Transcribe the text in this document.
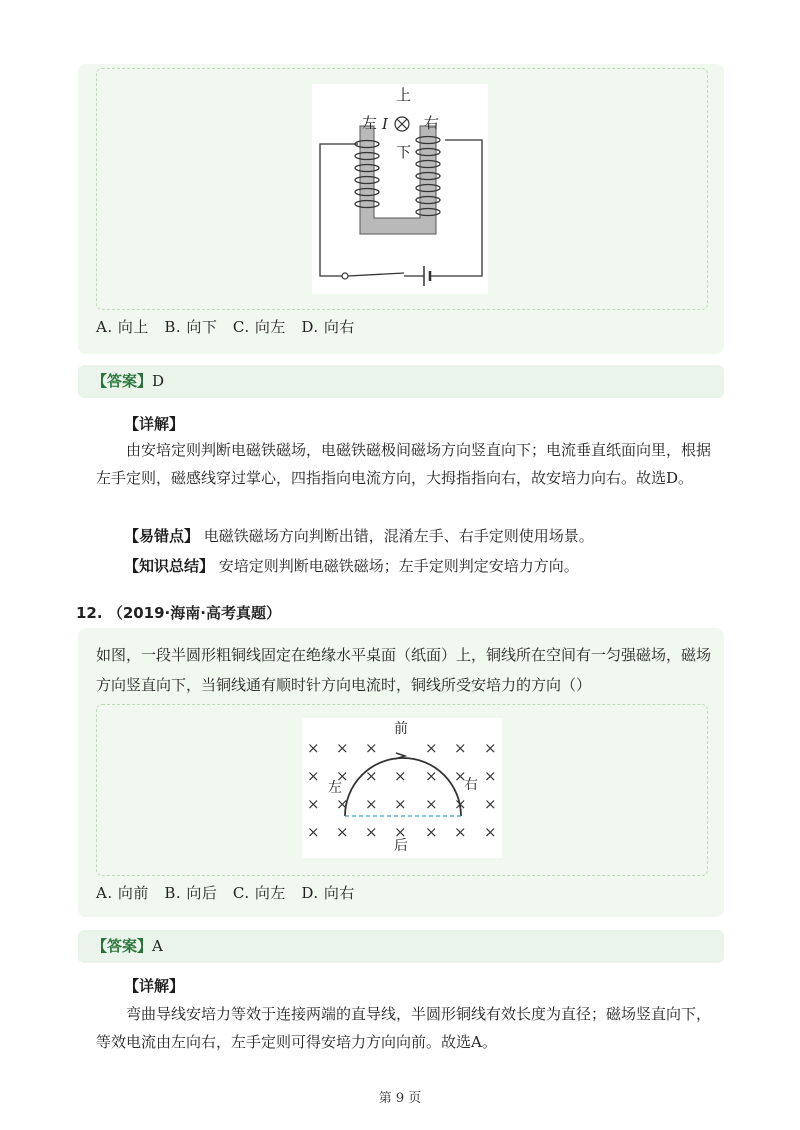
上
下
左	右
I
A. 向上　B. 向下　C. 向左　D. 向右
【答案】D
【详解】
由安培定则判断电磁铁磁场，电磁铁磁极间磁场方向竖直向下；电流垂直纸面向里，根据左手定则，磁感线穿过掌心，四指指向电流方向，大拇指指向右，故安培力向右。故选D。
【易错点】 电磁铁磁场方向判断出错，混淆左手、右手定则使用场景。
【知识总结】 安培定则判断电磁铁磁场；左手定则判定安培力方向。
12. （2019·海南·高考真题）
如图，一段半圆形粗铜线固定在绝缘水平桌面（纸面）上，铜线所在空间有一匀强磁场，磁场方向竖直向下，当铜线通有顺时针方向电流时，铜线所受安培力的方向（）
× × ×	× × ×
× × × × × × ×
× × × × × × ×
× × × × × × ×
前
后
左	右
A. 向前　B. 向后　C. 向左　D. 向右
【答案】A
【详解】
弯曲导线安培力等效于连接两端的直导线，半圆形铜线有效长度为直径；磁场竖直向下，等效电流由左向右，左手定则可得安培力方向向前。故选A。
第 9 页
